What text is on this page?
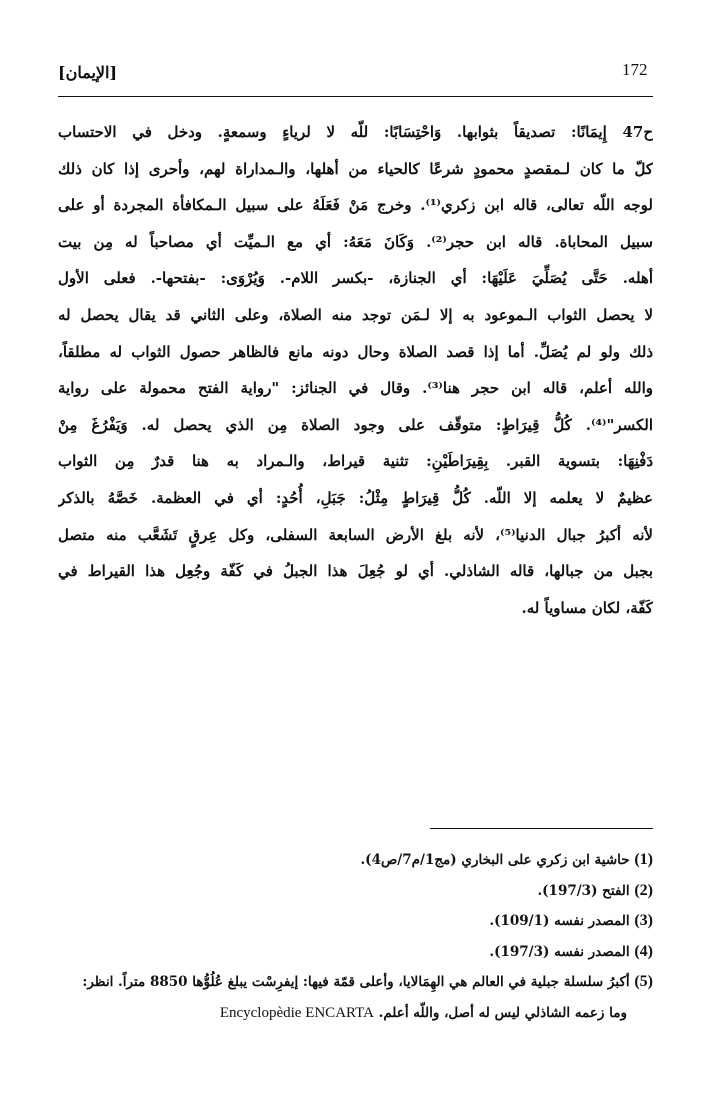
172
[الإيمان]
ح47 إِيمَانًا: تصديقاً بثوابها. وَاحْتِسَابًا: للّه لا لرياءٍ وسمعةٍ. ودخل في الاحتساب
كلّ ما كان لـمقصدٍ محمودٍ شرعًا كالحياء من أهلها، والـمداراة لهم، وأحرى إذا كان ذلك
لوجه اللّه تعالى، قاله ابن زكري⁽¹⁾. وخرج مَنْ فَعَلَهُ على سبيل الـمكافأة المجردة أو على
سبيل المحاباة. قاله ابن حجر⁽²⁾. وَكَانَ مَعَهُ: أي مع الـميِّت أي مصاحباً له مِن بيت
أهله. حَتَّى يُصَلِّيَ عَلَيْهَا: أي الجنازة، -بكسر اللام-. وَيُرْوَى: -بفتحها-. فعلى الأول
لا يحصل الثواب الـموعود به إلا لـمَن توجد منه الصلاة، وعلى الثاني قد يقال يحصل له
ذلك ولو لم يُصَلِّ. أما إذا قصد الصلاة وحال دونه مانع فالظاهر حصول الثواب له مطلقاً،
والله أعلم، قاله ابن حجر هنا⁽³⁾. وقال في الجنائز: "رواية الفتح محمولة على رواية
الكسر"⁽⁴⁾. كُلُّ قِيرَاطٍ: متوقّف على وجود الصلاة مِن الذي يحصل له. وَيَفْرُغَ مِنْ
دَفْنِهَا: بتسوية القبر. بِقِيرَاطَيْنِ: تثنية قيراط، والـمراد به هنا قدرٌ مِن الثواب
عظيمٌ لا يعلمه إلا اللّه. كُلُّ قِيرَاطٍ مِثْلُ: جَبَلِ، أُحُدٍ: أي في العظمة. خَصَّهُ بالذكر
لأنه أكبرُ جبال الدنيا⁽⁵⁾، لأنه بلغ الأرض السابعة السفلى، وكل عِرقٍ تَشَعَّب منه متصل
بجبل من جبالها، قاله الشاذلي. أي لو جُعِلَ هذا الجبلُ في كَفّة وجُعِل هذا القيراط في
كَفّة، لكان مساوياً له.
(1) حاشية ابن زكري على البخاري (مج1/م7/ص4).
(2) الفتح (197/3).
(3) المصدر نفسه (109/1).
(4) المصدر نفسه (197/3).
(5) أكبرُ سلسلة جبلية في العالم هي الهِمَالايا، وأعلى قمّة فيها: إيفرِسْت يبلغ عُلُوُّها 8850 متراً. انظر:
وما زعمه الشاذلي ليس له أصل، واللّه أعلم. Encyclopèdie ENCARTA
